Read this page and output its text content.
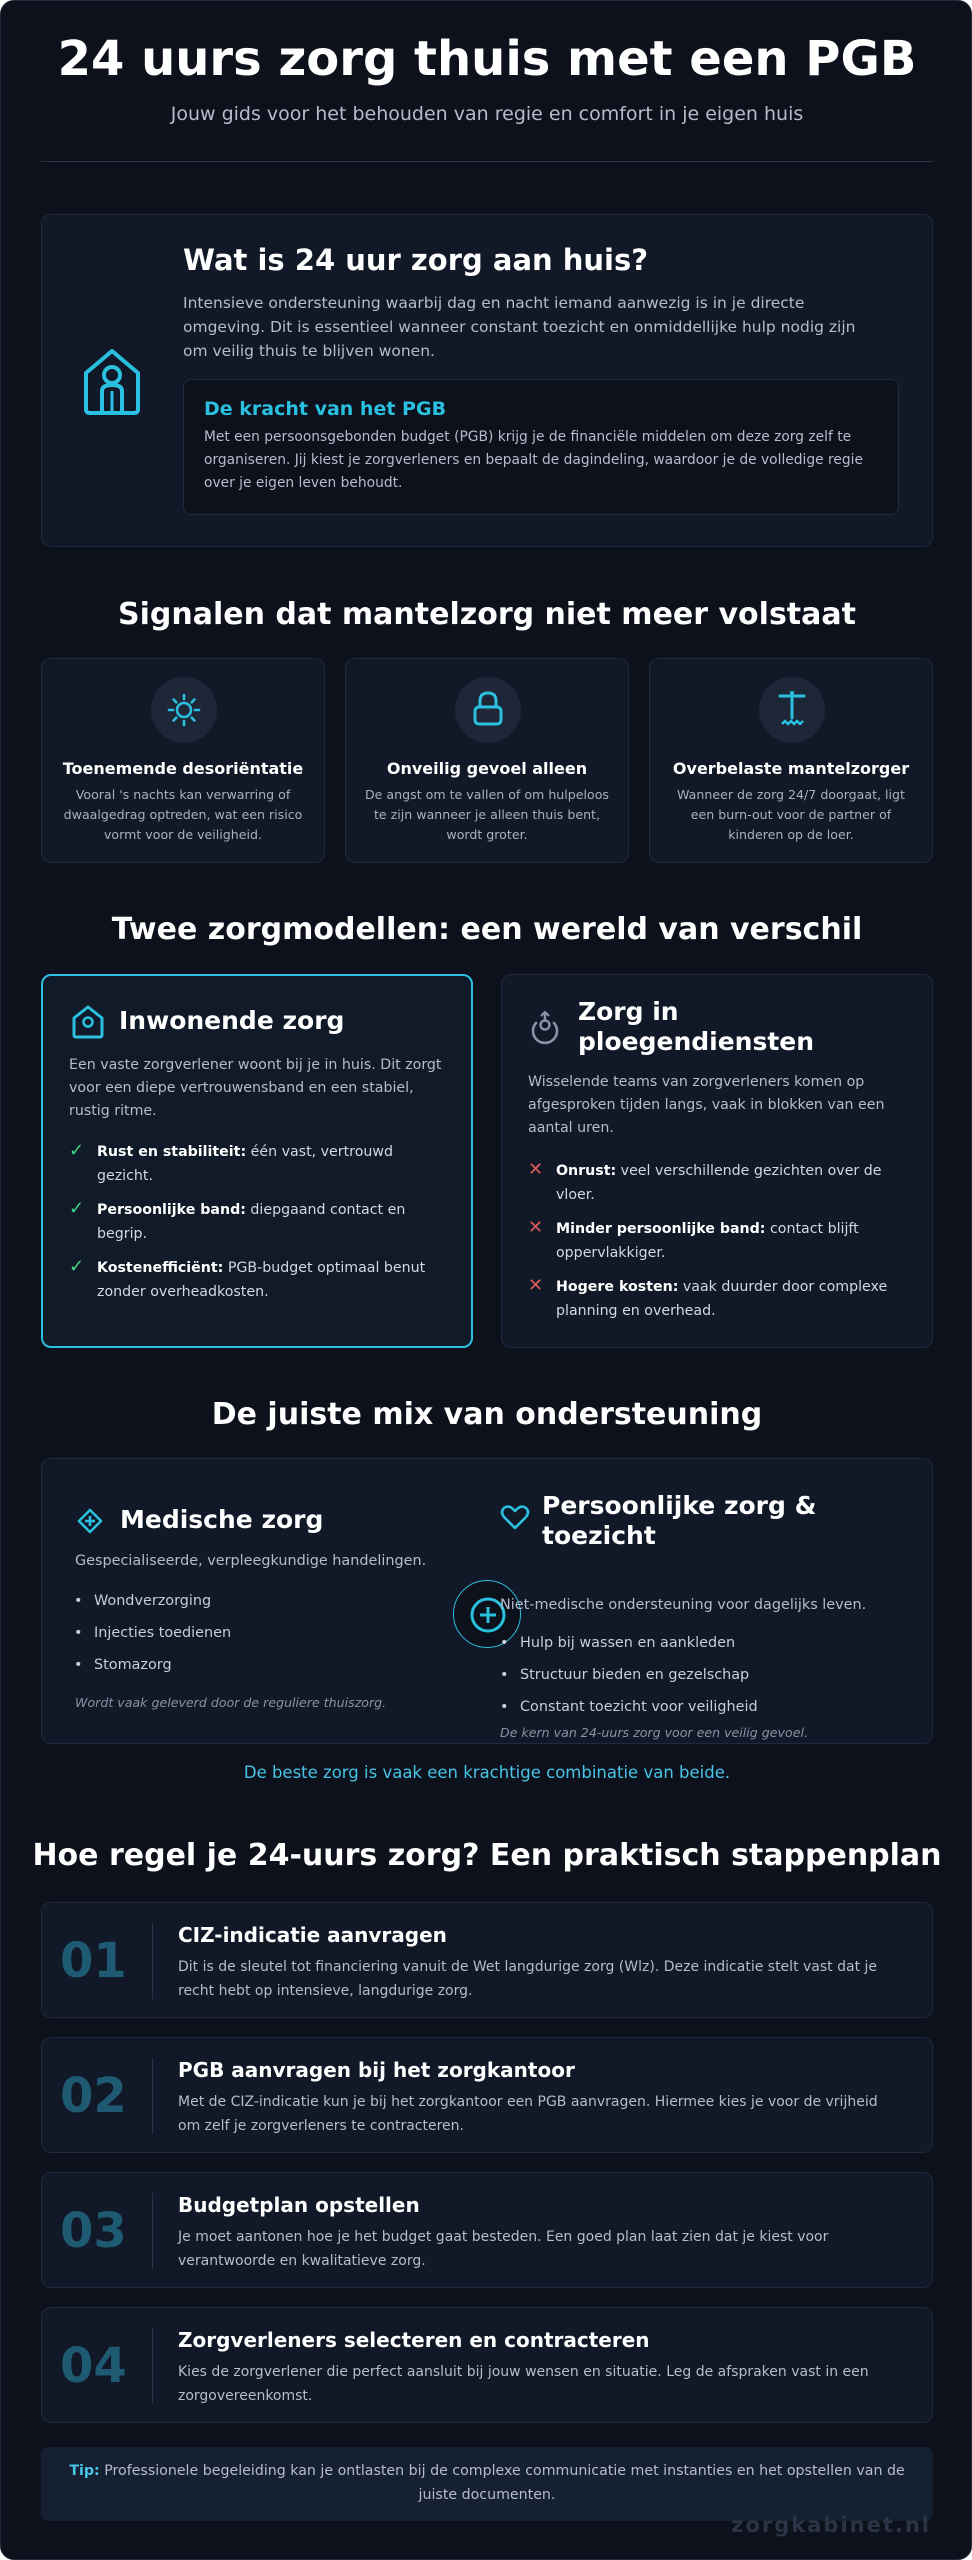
24 uurs zorg thuis met een PGB
Jouw gids voor het behouden van regie en comfort in je eigen huis
Wat is 24 uur zorg aan huis?
Intensieve ondersteuning waarbij dag en nacht iemand aanwezig is in je directe omgeving. Dit is essentieel wanneer constant toezicht en onmiddellijke hulp nodig zijn om veilig thuis te blijven wonen.
De kracht van het PGB
Met een persoonsgebonden budget (PGB) krijg je de financiële middelen om deze zorg zelf te organiseren. Jij kiest je zorgverleners en bepaalt de dagindeling, waardoor je de volledige regie over je eigen leven behoudt.
Signalen dat mantelzorg niet meer volstaat
Toenemende desoriëntatie
Vooral 's nachts kan verwarring of dwaalgedrag optreden, wat een risico vormt voor de veiligheid.
Onveilig gevoel alleen
De angst om te vallen of om hulpeloos te zijn wanneer je alleen thuis bent, wordt groter.
Overbelaste mantelzorger
Wanneer de zorg 24/7 doorgaat, ligt een burn-out voor de partner of kinderen op de loer.
Twee zorgmodellen: een wereld van verschil
Inwonende zorg
Een vaste zorgverlener woont bij je in huis. Dit zorgt voor een diepe vertrouwensband en een stabiel, rustig ritme.
✓ Rust en stabiliteit: één vast, vertrouwd
gezicht.
✓ Persoonlijke band: diepgaand contact en
begrip.
✓ Kostenefficiënt: PGB-budget optimaal benut
zonder overheadkosten.
Zorg in
ploegendiensten
Wisselende teams van zorgverleners komen op afgesproken tijden langs, vaak in blokken van een aantal uren.
✕ Onrust: veel verschillende gezichten over de
vloer.
✕ Minder persoonlijke band: contact blijft
oppervlakkiger.
✕ Hogere kosten: vaak duurder door complexe
planning en overhead.
De juiste mix van ondersteuning
Medische zorg
Gespecialiseerde, verpleegkundige handelingen.
• Wondverzorging
• Injecties toedienen
• Stomazorg
Wordt vaak geleverd door de reguliere thuiszorg.
Persoonlijke zorg &
toezicht
Niet-medische ondersteuning voor dagelijks leven.
• Hulp bij wassen en aankleden
• Structuur bieden en gezelschap
• Constant toezicht voor veiligheid
De kern van 24-uurs zorg voor een veilig gevoel.
De beste zorg is vaak een krachtige combinatie van beide.
Hoe regel je 24-uurs zorg? Een praktisch stappenplan
01	CIZ-indicatie aanvragen
Dit is de sleutel tot financiering vanuit de Wet langdurige zorg (Wlz). Deze indicatie stelt vast dat je
recht hebt op intensieve, langdurige zorg.
02	PGB aanvragen bij het zorgkantoor
Met de CIZ-indicatie kun je bij het zorgkantoor een PGB aanvragen. Hiermee kies je voor de vrijheid
om zelf je zorgverleners te contracteren.
03	Budgetplan opstellen
Je moet aantonen hoe je het budget gaat besteden. Een goed plan laat zien dat je kiest voor
verantwoorde en kwalitatieve zorg.
04	Zorgverleners selecteren en contracteren
Kies de zorgverlener die perfect aansluit bij jouw wensen en situatie. Leg de afspraken vast in een
zorgovereenkomst.
Tip: Professionele begeleiding kan je ontlasten bij de complexe communicatie met instanties en het opstellen van de juiste documenten.
zorgkabinet.nl
